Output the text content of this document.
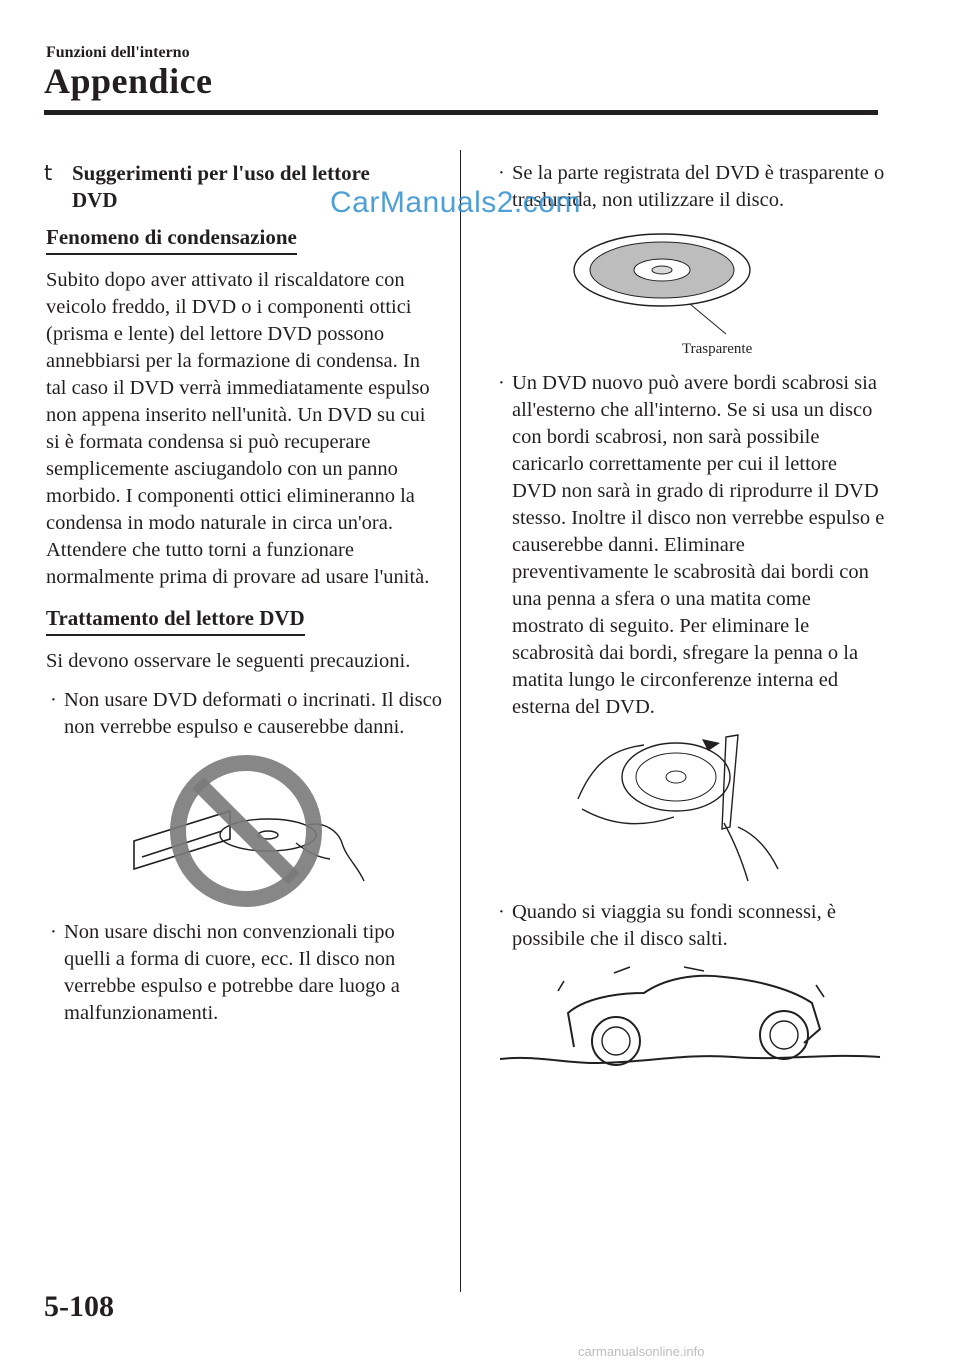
Funzioni dell'interno
Appendice
t Suggerimenti per l'uso del lettore
DVD
Fenomeno di condensazione

Subito dopo aver attivato il riscaldatore con veicolo freddo, il DVD o i componenti ottici (prisma e lente) del lettore DVD possono annebbiarsi per la formazione di condensa. In tal caso il DVD verrà immediatamente espulso non appena inserito nell'unità. Un DVD su cui si è formata condensa si può recuperare semplicemente asciugandolo con un panno morbido. I componenti ottici elimineranno la condensa in modo naturale in circa un'ora. Attendere che tutto torni a funzionare normalmente prima di provare ad usare l'unità.

Trattamento del lettore DVD

Si devono osservare le seguenti precauzioni.

· Non usare DVD deformati o incrinati. Il disco non verrebbe espulso e causerebbe danni.
· Non usare dischi non convenzionali tipo quelli a forma di cuore, ecc. Il disco non verrebbe espulso e potrebbe dare luogo a malfunzionamenti.
· Se la parte registrata del DVD è trasparente o traslucida, non utilizzare il disco.
Trasparente
· Un DVD nuovo può avere bordi scabrosi sia all'esterno che all'interno. Se si usa un disco con bordi scabrosi, non sarà possibile caricarlo correttamente per cui il lettore DVD non sarà in grado di riprodurre il DVD stesso. Inoltre il disco non verrebbe espulso e causerebbe danni. Eliminare preventivamente le scabrosità dai bordi con una penna a sfera o una matita come mostrato di seguito. Per eliminare le scabrosità dai bordi, sfregare la penna o la matita lungo le circonferenze interna ed esterna del DVD.
· Quando si viaggia su fondi sconnessi, è possibile che il disco salti.
CarManuals2.com
5-108
carmanualsonline.info
